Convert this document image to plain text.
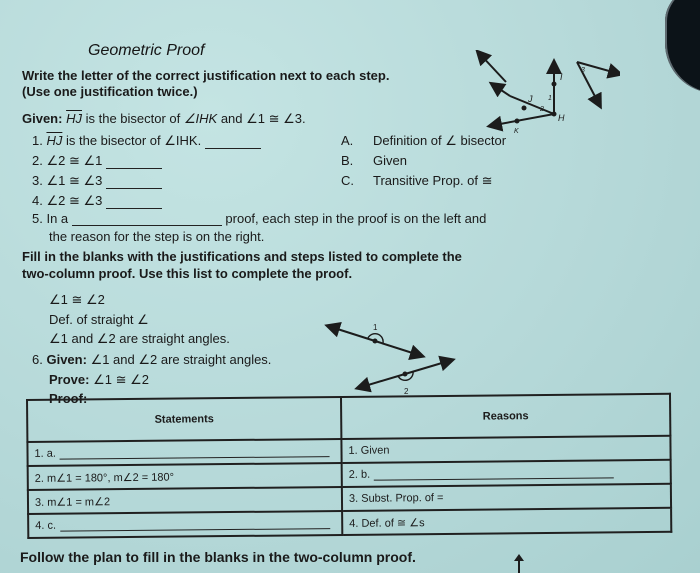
Geometric Proof
Write the letter of the correct justification next to each step.
(Use one justification twice.)
Given: $\overline{HJ}$ is the bisector of ∠IHK and ∠1 ≅ ∠3.
1. $\overline{HJ}$ is the bisector of ∠IHK.
2. ∠2 ≅ ∠1
3. ∠1 ≅ ∠3
4. ∠2 ≅ ∠3
A. Definition of ∠ bisector
B. Given
C. Transitive Prop. of ≅
5. In a	proof, each step in the proof is on the left and
the reason for the step is on the right.
Fill in the blanks with the justifications and steps listed to complete the
two-column proof. Use this list to complete the proof.
∠1 ≅ ∠2
Def. of straight ∠
∠1 and ∠2 are straight angles.
6. Given: ∠1 and ∠2 are straight angles.
Prove: ∠1 ≅ ∠2
Proof:
J
I
1
2
H
K
3
1
2
Statements	Reasons
1. a.	1. Given
2. m∠1 = 180°, m∠2 = 180°	2. b.
3. m∠1 = m∠2	3. Subst. Prop. of =
4. c.	4. Def. of ≅ ∠s
Follow the plan to fill in the blanks in the two-column proof.
